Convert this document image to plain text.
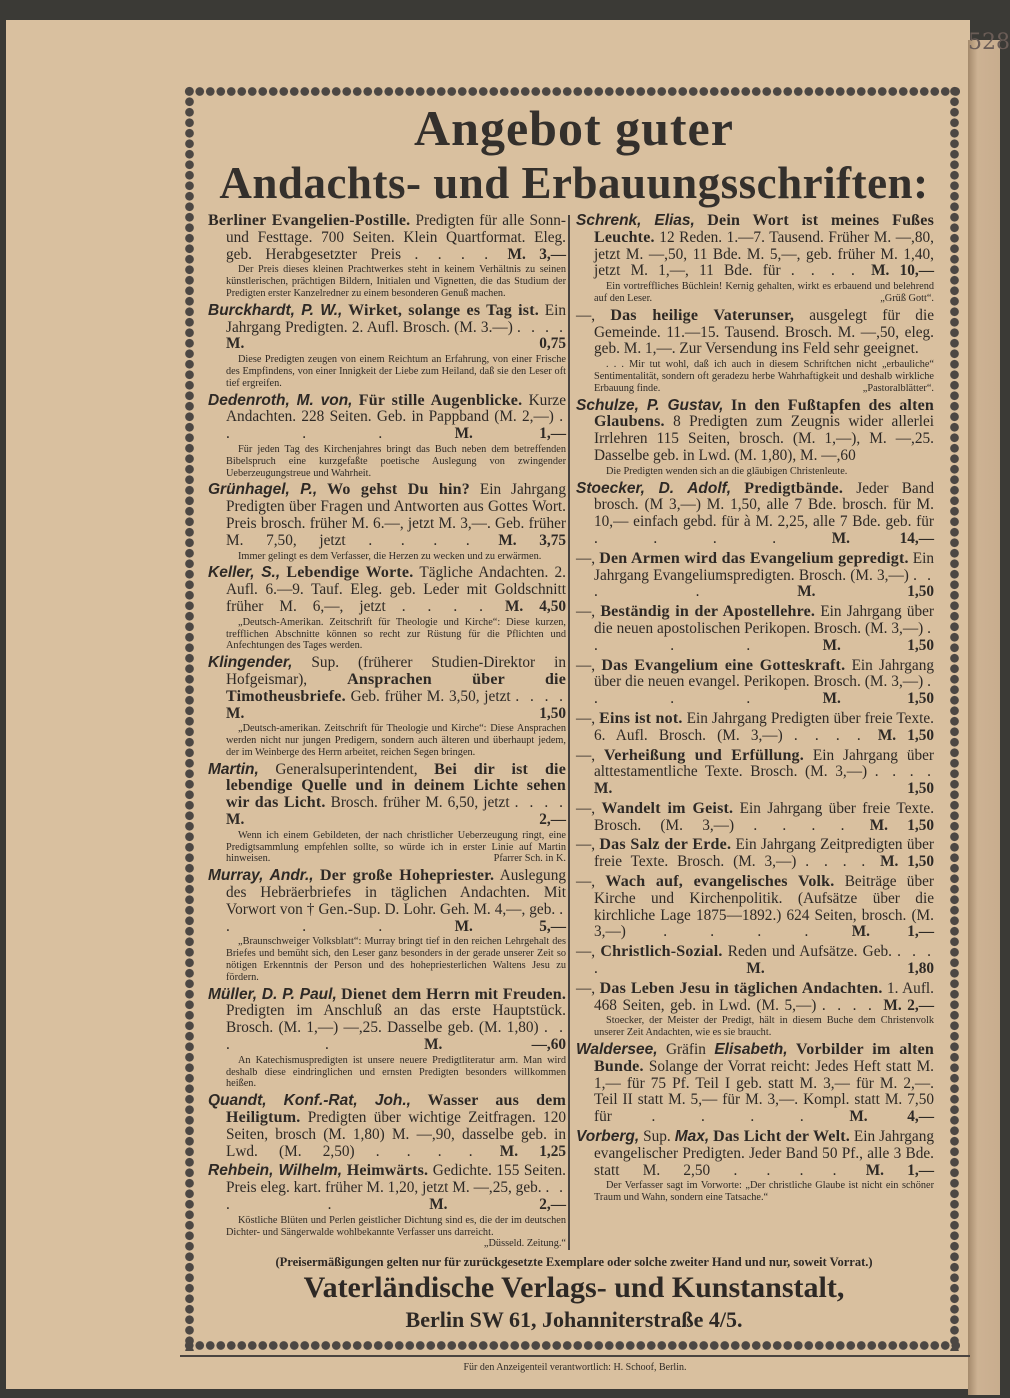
528
Angebot guter
Andachts- und Erbauungsschriften:
Berliner Evangelien-Postille. Predigten für alle Sonn- und Festtage. 700 Seiten. Klein Quartformat. Eleg. geb. Herabgesetzter Preis . . .	M. 3,—
Der Preis dieses kleinen Prachtwerkes steht in keinem Verhältnis zu seinen künstlerischen, prächtigen Bildern, Initialen und Vignetten, die das Studium der Predigten erster Kanzelredner zu einem besonderen Genuß machen.
Burckhardt, P. W., Wirket, solange es Tag ist. Ein Jahrgang Predigten. 2. Aufl. Brosch. (M. 3.—) . . . M. 0,75
Diese Predigten zeugen von einem Reichtum an Erfahrung, von einer Frische des Empfindens, von einer Innigkeit der Liebe zum Heiland, daß sie den Leser oft tief ergreifen.
Dedenroth, M. von, Für stille Augenblicke. Kurze Andachten. 228 Seiten. Geb. in Pappband (M. 2,—) . . . M. 1,—
Für jeden Tag des Kirchenjahres bringt das Buch neben dem betreffenden Bibelspruch eine kurzgefaßte poetische Auslegung von zwingender Ueberzeugungstreue und Wahrheit.
Grünhagel, P., Wo gehst Du hin? Ein Jahrgang Predigten über Fragen und Antworten aus Gottes Wort. Preis brosch. früher M. 6.—, jetzt M. 3,—. Geb. früher M. 7,50, jetzt . . .	M. 3,75
Immer gelingt es dem Verfasser, die Herzen zu wecken und zu erwärmen.
Keller, S., Lebendige Worte. Tägliche Andachten. 2. Aufl. 6.—9. Tauf. Eleg. geb. Leder mit Goldschnitt früher M. 6,—, jetzt . . .	M. 4,50
„Deutsch-Amerikan. Zeitschrift für Theologie und Kirche“: Diese kurzen, trefflichen Abschnitte können so recht zur Rüstung für die Pflichten und Anfechtungen des Tages werden.
Klingender, Sup. (früherer Studien-Direktor in Hofgeismar), Ansprachen über die Timotheusbriefe. Geb. früher M. 3,50, jetzt . . . M. 1,50
„Deutsch-amerikan. Zeitschrift für Theologie und Kirche“: Diese Ansprachen werden nicht nur jungen Predigern, sondern auch älteren und überhaupt jedem, der im Weinberge des Herrn arbeitet, reichen Segen bringen.
Martin, Generalsuperintendent, Bei dir ist die lebendige Quelle und in deinem Lichte sehen wir das Licht. Brosch. früher M. 6,50, jetzt . . . M. 2,—
Wenn ich einem Gebildeten, der nach christlicher Ueberzeugung ringt, eine Predigtsammlung empfehlen sollte, so würde ich in erster Linie auf Martin hinweisen.	Pfarrer Sch. in K.
Murray, Andr., Der große Hohepriester. Auslegung des Hebräerbriefes in täglichen Andachten. Mit Vorwort von † Gen.-Sup. D. Lohr. Geh. M. 4,—, geb. . . . M. 5,—
„Braunschweiger Volksblatt“: Murray bringt tief in den reichen Lehrgehalt des Briefes und bemüht sich, den Leser ganz besonders in der gerade unserer Zeit so nötigen Erkenntnis der Person und des hohepriesterlichen Waltens Jesu zu fördern.
Müller, D. P. Paul, Dienet dem Herrn mit Freuden. Predigten im Anschluß an das erste Hauptstück. Brosch. (M. 1,—) —,25. Dasselbe geb. (M. 1,80) . . . M. —,60
An Katechismuspredigten ist unsere neuere Predigtliteratur arm. Man wird deshalb diese eindringlichen und ernsten Predigten besonders willkommen heißen.
Quandt, Konf.-Rat, Joh., Wasser aus dem Heiligtum. Predigten über wichtige Zeitfragen. 120 Seiten, brosch (M. 1,80) M. —,90, dasselbe geb. in Lwd. (M. 2,50) . . .	M. 1,25
Rehbein, Wilhelm, Heimwärts. Gedichte. 155 Seiten. Preis eleg. kart. früher M. 1,20, jetzt M. —,25, geb. . . . M. 2,—
Köstliche Blüten und Perlen geistlicher Dichtung sind es, die der im deutschen Dichter- und Sängerwalde wohlbekannte Verfasser uns darreicht.
„Düsseld. Zeitung.“
Schrenk, Elias, Dein Wort ist meines Fußes Leuchte. 12 Reden. 1.—7. Tausend. Früher M. —,80, jetzt M. —,50, 11 Bde. M. 5,—, geb. früher M. 1,40, jetzt M. 1,—, 11 Bde. für . . .	M. 10,—
Ein vortreffliches Büchlein! Kernig gehalten, wirkt es erbauend und belehrend auf den Leser.	„Grüß Gott“.
—, Das heilige Vaterunser, ausgelegt für die Gemeinde. 11.—15. Tausend. Brosch. M. —,50, eleg. geb. M. 1,—. Zur Versendung ins Feld sehr geeignet.
. . . Mir tut wohl, daß ich auch in diesem Schriftchen nicht „erbauliche“ Sentimentalität, sondern oft geradezu herbe Wahrhaftigkeit und deshalb wirkliche Erbauung finde.	„Pastoralblätter“.
Schulze, P. Gustav, In den Fußtapfen des alten Glaubens. 8 Predigten zum Zeugnis wider allerlei Irrlehren 115 Seiten, brosch. (M. 1,—), M. —,25. Dasselbe geb. in Lwd. (M. 1,80), M. —,60
Die Predigten wenden sich an die gläubigen Christenleute.
Stoecker, D. Adolf, Predigtbände. Jeder Band brosch. (M 3,—) M. 1,50, alle 7 Bde. brosch. für M. 10,— einfach gebd. für à M. 2,25, alle 7 Bde. geb. für . . . M. 14,—
—, Den Armen wird das Evangelium gepredigt. Ein Jahrgang Evangeliumspredigten. Brosch. (M. 3,—) . . . M. 1,50
—, Beständig in der Apostellehre. Ein Jahrgang über die neuen apostolischen Perikopen. Brosch. (M. 3,—) . . . M. 1,50
—, Das Evangelium eine Gotteskraft. Ein Jahrgang über die neuen evangel. Perikopen. Brosch. (M. 3,—) . . . M. 1,50
—, Eins ist not. Ein Jahrgang Predigten über freie Texte. 6. Aufl. Brosch. (M. 3,—) . . .	M. 1,50
—, Verheißung und Erfüllung. Ein Jahrgang über alttestamentliche Texte. Brosch. (M. 3,—) . . . M. 1,50
—, Wandelt im Geist. Ein Jahrgang über freie Texte. Brosch. (M. 3,—) . . .	M. 1,50
—, Das Salz der Erde. Ein Jahrgang Zeitpredigten über freie Texte. Brosch. (M. 3,—) . . .	M. 1,50
—, Wach auf, evangelisches Volk. Beiträge über Kirche und Kirchenpolitik. (Aufsätze über die kirchliche Lage 1875—1892.) 624 Seiten, brosch. (M. 3,—) . . .	M. 1,—
—, Christlich-Sozial. Reden und Aufsätze. Geb. . . . M. 1,80
—, Das Leben Jesu in täglichen Andachten. 1. Aufl. 468 Seiten, geb. in Lwd. (M. 5,—) . . .	M. 2,—
Stoecker, der Meister der Predigt, hält in diesem Buche dem Christenvolk unserer Zeit Andachten, wie es sie braucht.
Waldersee, Gräfin Elisabeth, Vorbilder im alten Bunde. Solange der Vorrat reicht: Jedes Heft statt M. 1,— für 75 Pf. Teil I geb. statt M. 3,— für M. 2,—. Teil II statt M. 5,— für M. 3,—. Kompl. statt M. 7,50 für . . .	M. 4,—
Vorberg, Sup. Max, Das Licht der Welt. Ein Jahrgang evangelischer Predigten. Jeder Band 50 Pf., alle 3 Bde. statt M. 2,50 . . .	M. 1,—
Der Verfasser sagt im Vorworte: „Der christliche Glaube ist nicht ein schöner Traum und Wahn, sondern eine Tatsache.“
(Preisermäßigungen gelten nur für zurückgesetzte Exemplare oder solche zweiter Hand und nur, soweit Vorrat.)
Vaterländische Verlags- und Kunstanstalt,
Berlin SW 61, Johanniterstraße 4/5.
Für den Anzeigenteil verantwortlich: H. Schoof, Berlin.
